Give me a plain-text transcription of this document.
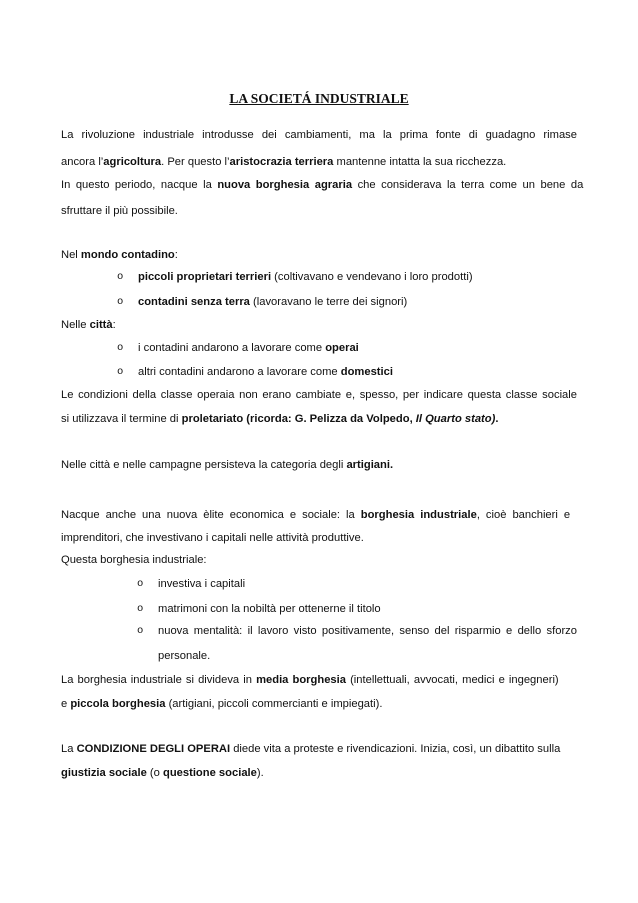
LA SOCIETÁ INDUSTRIALE
La rivoluzione industriale introdusse dei cambiamenti, ma la prima fonte di guadagno rimase
ancora l’agricoltura. Per questo l’aristocrazia terriera mantenne intatta la sua ricchezza.
In questo periodo, nacque la nuova borghesia agraria che considerava la terra come un bene da
sfruttare il più possibile.
Nel mondo contadino:
o piccoli proprietari terrieri (coltivavano e vendevano i loro prodotti)
o contadini senza terra (lavoravano le terre dei signori)
Nelle città:
o i contadini andarono a lavorare come operai
o altri contadini andarono a lavorare come domestici
Le condizioni della classe operaia non erano cambiate e, spesso, per indicare questa classe sociale
si utilizzava il termine di proletariato (ricorda: G. Pelizza da Volpedo, Il Quarto stato).
Nelle città e nelle campagne persisteva la categoria degli artigiani.
Nacque anche una nuova èlite economica e sociale: la borghesia industriale, cioè banchieri e
imprenditori, che investivano i capitali nelle attività produttive.
Questa borghesia industriale:
o investiva i capitali
o matrimoni con la nobiltà per ottenerne il titolo
o nuova mentalità: il lavoro visto positivamente, senso del risparmio e dello sforzo
personale.
La borghesia industriale si divideva in media borghesia (intellettuali, avvocati, medici e ingegneri)
e piccola borghesia (artigiani, piccoli commercianti e impiegati).
La CONDIZIONE DEGLI OPERAI diede vita a proteste e rivendicazioni. Inizia, così, un dibattito sulla
giustizia sociale (o questione sociale).
